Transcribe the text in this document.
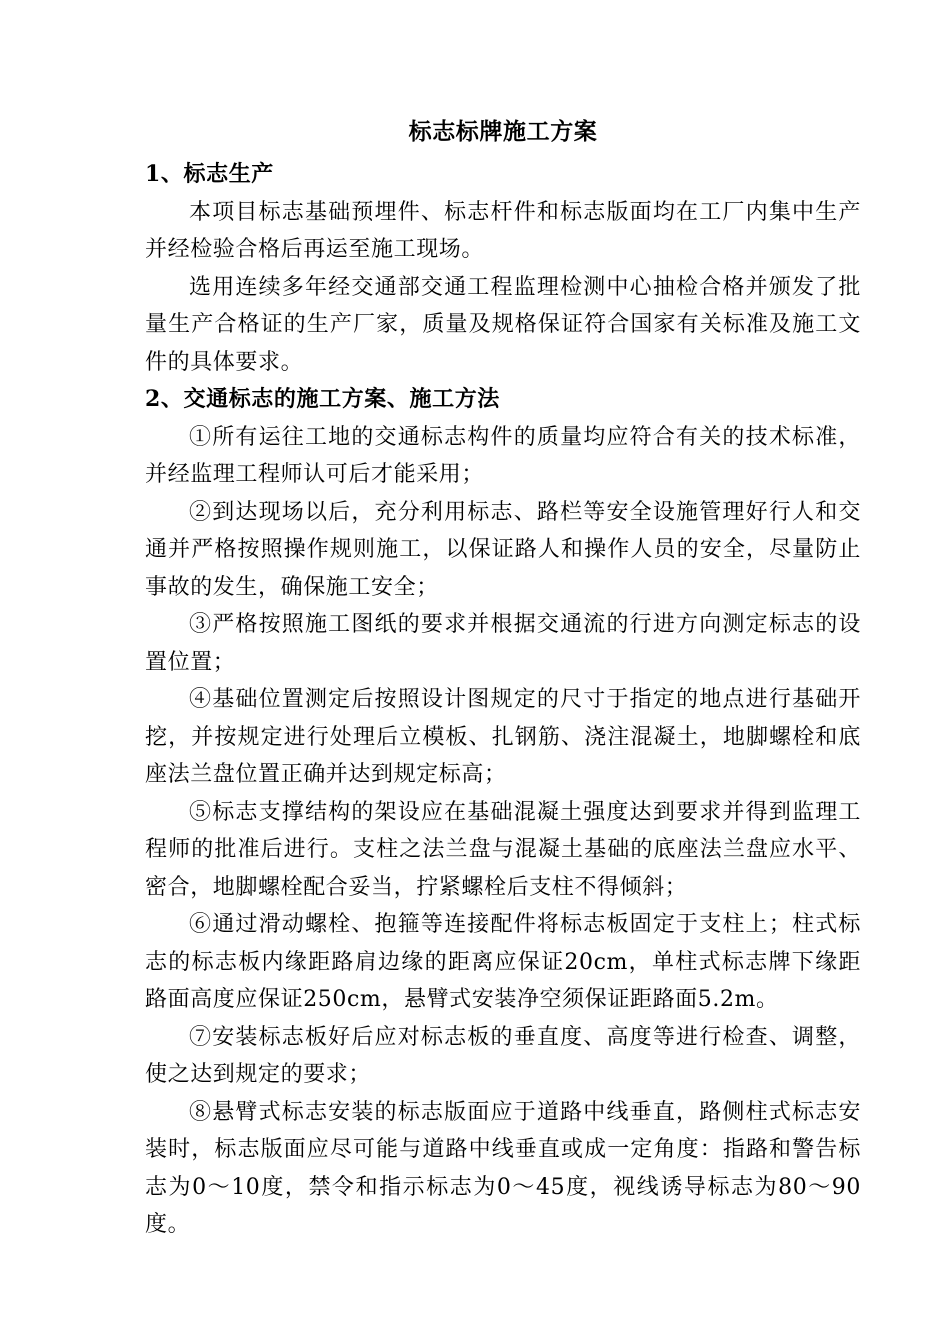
标志标牌施工方案
1、标志生产

本项目标志基础预埋件、标志杆件和标志版面均在工厂内集中生产并经检验合格后再运至施工现场。

选用连续多年经交通部交通工程监理检测中心抽检合格并颁发了批量生产合格证的生产厂家，质量及规格保证符合国家有关标准及施工文件的具体要求。

2、交通标志的施工方案、施工方法

①所有运往工地的交通标志构件的质量均应符合有关的技术标准，并经监理工程师认可后才能采用；

②到达现场以后，充分利用标志、路栏等安全设施管理好行人和交通并严格按照操作规则施工，以保证路人和操作人员的安全，尽量防止事故的发生，确保施工安全；

③严格按照施工图纸的要求并根据交通流的行进方向测定标志的设置位置；

④基础位置测定后按照设计图规定的尺寸于指定的地点进行基础开挖，并按规定进行处理后立模板、扎钢筋、浇注混凝土，地脚螺栓和底座法兰盘位置正确并达到规定标高；

⑤标志支撑结构的架设应在基础混凝土强度达到要求并得到监理工程师的批准后进行。支柱之法兰盘与混凝土基础的底座法兰盘应水平、密合，地脚螺栓配合妥当，拧紧螺栓后支柱不得倾斜；

⑥通过滑动螺栓、抱箍等连接配件将标志板固定于支柱上；柱式标志的标志板内缘距路肩边缘的距离应保证20cm，单柱式标志牌下缘距路面高度应保证250cm，悬臂式安装净空须保证距路面5.2m。

⑦安装标志板好后应对标志板的垂直度、高度等进行检查、调整，使之达到规定的要求；

⑧悬臂式标志安装的标志版面应于道路中线垂直，路侧柱式标志安装时，标志版面应尽可能与道路中线垂直或成一定角度：指路和警告标志为0～10度，禁令和指示标志为0～45度，视线诱导标志为80～90度。
